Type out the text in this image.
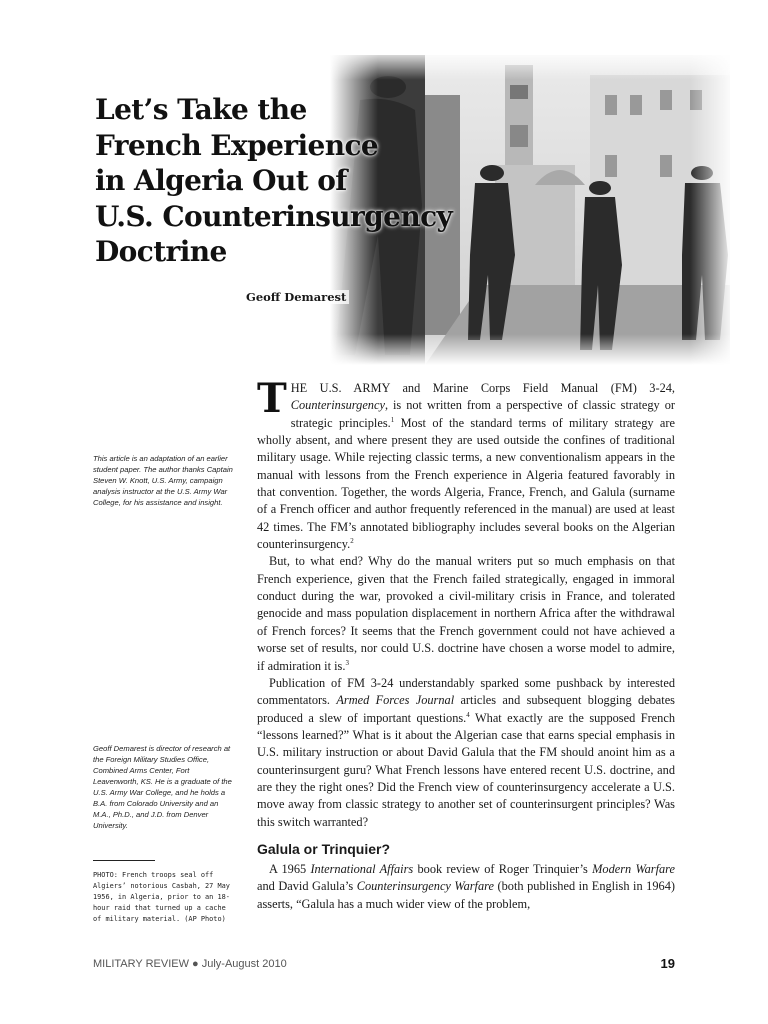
Let’s Take the
French Experience
in Algeria Out of
U.S. Counterinsurgency
Doctrine
Geoff Demarest

This article is an adaptation of an earlier student paper. The author thanks Captain Steven W. Knott, U.S. Army, campaign analysis instructor at the U.S. Army War College, for his assistance and insight.

Geoff Demarest is director of research at the Foreign Military Studies Office, Combined Arms Center, Fort Leavenworth, KS. He is a graduate of the U.S. Army War College, and he holds a B.A. from Colorado University and an M.A., Ph.D., and J.D. from Denver University.

PHOTO: French troops seal off Algiers’ notorious Casbah, 27 May 1956, in Algeria, prior to an 18-hour raid that turned up a cache of military material. (AP Photo)

THE U.S. ARMY and Marine Corps Field Manual (FM) 3-24, Counterinsurgency, is not written from a perspective of classic strategy or strategic principles.$^1$ Most of the standard terms of military strategy are wholly absent, and where present they are used outside the confines of traditional military usage. While rejecting classic terms, a new conventionalism appears in the manual with lessons from the French experience in Algeria featured favorably in that convention. Together, the words Algeria, France, French, and Galula (surname of a French officer and author frequently referenced in the manual) are used at least 42 times. The FM’s annotated bibliography includes several books on the Algerian counterinsurgency.$^2$

But, to what end? Why do the manual writers put so much emphasis on that French experience, given that the French failed strategically, engaged in immoral conduct during the war, provoked a civil-military crisis in France, and tolerated genocide and mass population displacement in northern Africa after the withdrawal of French forces? It seems that the French government could not have achieved a worse set of results, nor could U.S. doctrine have chosen a worse model to admire, if admiration it is.$^3$

Publication of FM 3-24 understandably sparked some pushback by interested commentators. Armed Forces Journal articles and subsequent blogging debates produced a slew of important questions.$^4$ What exactly are the supposed French “lessons learned?” What is it about the Algerian case that earns special emphasis in U.S. military instruction or about David Galula that the FM should anoint him as a counterinsurgent guru? What French lessons have entered recent U.S. doctrine, and are they the right ones? Did the French view of counterinsurgency accelerate a U.S. move away from classic strategy to another set of counterinsurgent principles? Was this switch warranted?

Galula or Trinquier?

A 1965 International Affairs book review of Roger Trinquier’s Modern Warfare and David Galula’s Counterinsurgency Warfare (both published in English in 1964) asserts, “Galula has a much wider view of the problem,

MILITARY REVIEW ● July-August 2010	19
